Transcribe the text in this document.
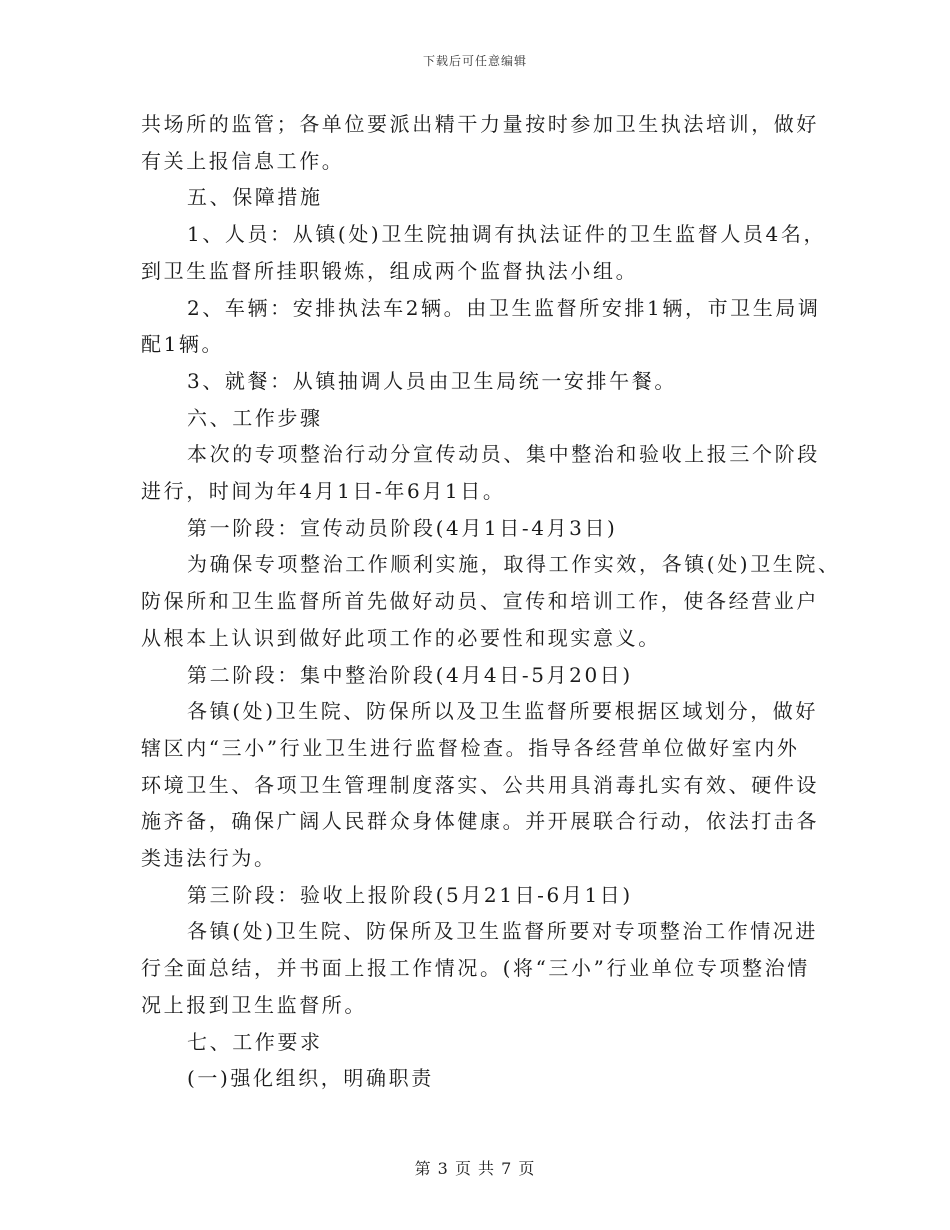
下载后可任意编辑

共场所的监管；各单位要派出精干力量按时参加卫生执法培训，做好

有关上报信息工作。

五、保障措施

1、人员：从镇(处)卫生院抽调有执法证件的卫生监督人员4名，

到卫生监督所挂职锻炼，组成两个监督执法小组。

2、车辆：安排执法车2辆。由卫生监督所安排1辆，市卫生局调

配1辆。

3、就餐：从镇抽调人员由卫生局统一安排午餐。

六、工作步骤

本次的专项整治行动分宣传动员、集中整治和验收上报三个阶段

进行，时间为年4月1日-年6月1日。

第一阶段：宣传动员阶段(4月1日-4月3日)

为确保专项整治工作顺利实施，取得工作实效，各镇(处)卫生院、

防保所和卫生监督所首先做好动员、宣传和培训工作，使各经营业户

从根本上认识到做好此项工作的必要性和现实意义。

第二阶段：集中整治阶段(4月4日-5月20日)

各镇(处)卫生院、防保所以及卫生监督所要根据区域划分，做好

辖区内“三小”行业卫生进行监督检查。指导各经营单位做好室内外

环境卫生、各项卫生管理制度落实、公共用具消毒扎实有效、硬件设

施齐备，确保广阔人民群众身体健康。并开展联合行动，依法打击各

类违法行为。

第三阶段：验收上报阶段(5月21日-6月1日)

各镇(处)卫生院、防保所及卫生监督所要对专项整治工作情况进

行全面总结，并书面上报工作情况。(将“三小”行业单位专项整治情

况上报到卫生监督所。

七、工作要求

(一)强化组织，明确职责

第 3 页 共 7 页
